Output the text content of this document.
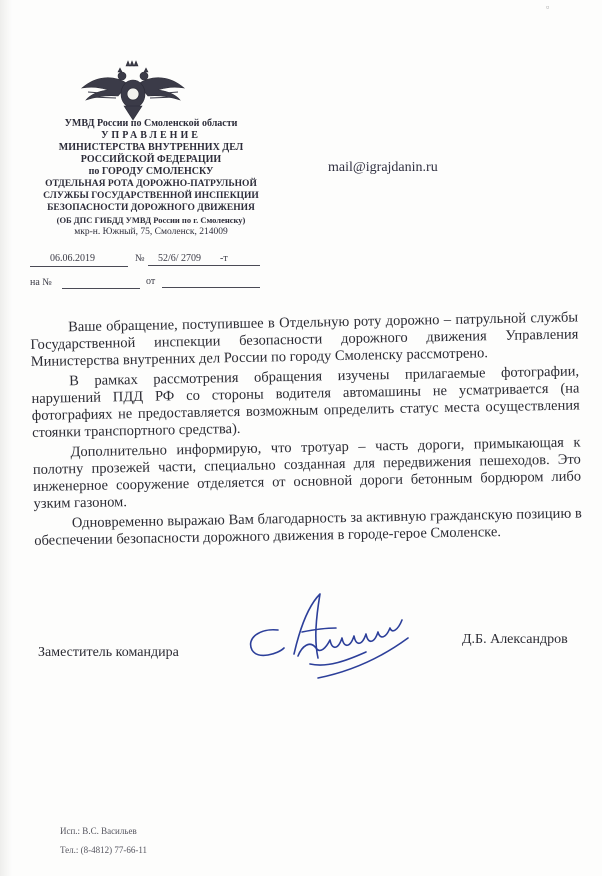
▫
УМВД России по Смоленской области
УПРАВЛЕНИЕ
МИНИСТЕРСТВА ВНУТРЕННИХ ДЕЛ
РОССИЙСКОЙ ФЕДЕРАЦИИ
по ГОРОДУ СМОЛЕНСКУ
ОТДЕЛЬНАЯ РОТА ДОРОЖНО-ПАТРУЛЬНОЙ
СЛУЖБЫ ГОСУДАРСТВЕННОЙ ИНСПЕКЦИИ
БЕЗОПАСНОСТИ ДОРОЖНОГО ДВИЖЕНИЯ
(ОБ ДПС ГИБДД УМВД России по г. Смоленску)
мкр-н. Южный, 75, Смоленск, 214009
06.06.2019	№ 52/6/ 2709 -т
на №	от
mail@igrajdanin.ru

Ваше обращение, поступившее в Отдельную роту дорожно – патрульной службы Государственной инспекции безопасности дорожного движения Управления Министерства внутренних дел России по городу Смоленску рассмотрено.

В рамках рассмотрения обращения изучены прилагаемые фотографии, нарушений ПДД РФ со стороны водителя автомашины не усматривается (на фотографиях не предоставляется возможным определить статус места осуществления стоянки транспортного средства).

Дополнительно информирую, что тротуар – часть дороги, примыкающая к полотну прозежей части, специально созданная для передвижения пешеходов. Это инженерное сооружение отделяется от основной дороги бетонным бордюром либо узким газоном.

Одновременно выражаю Вам благодарность за активную гражданскую позицию в обеспечении безопасности дорожного движения в городе-герое Смоленске.

Заместитель командира
Д.Б. Александров
Исп.: В.С. Васильев
Тел.: (8-4812) 77-66-11
